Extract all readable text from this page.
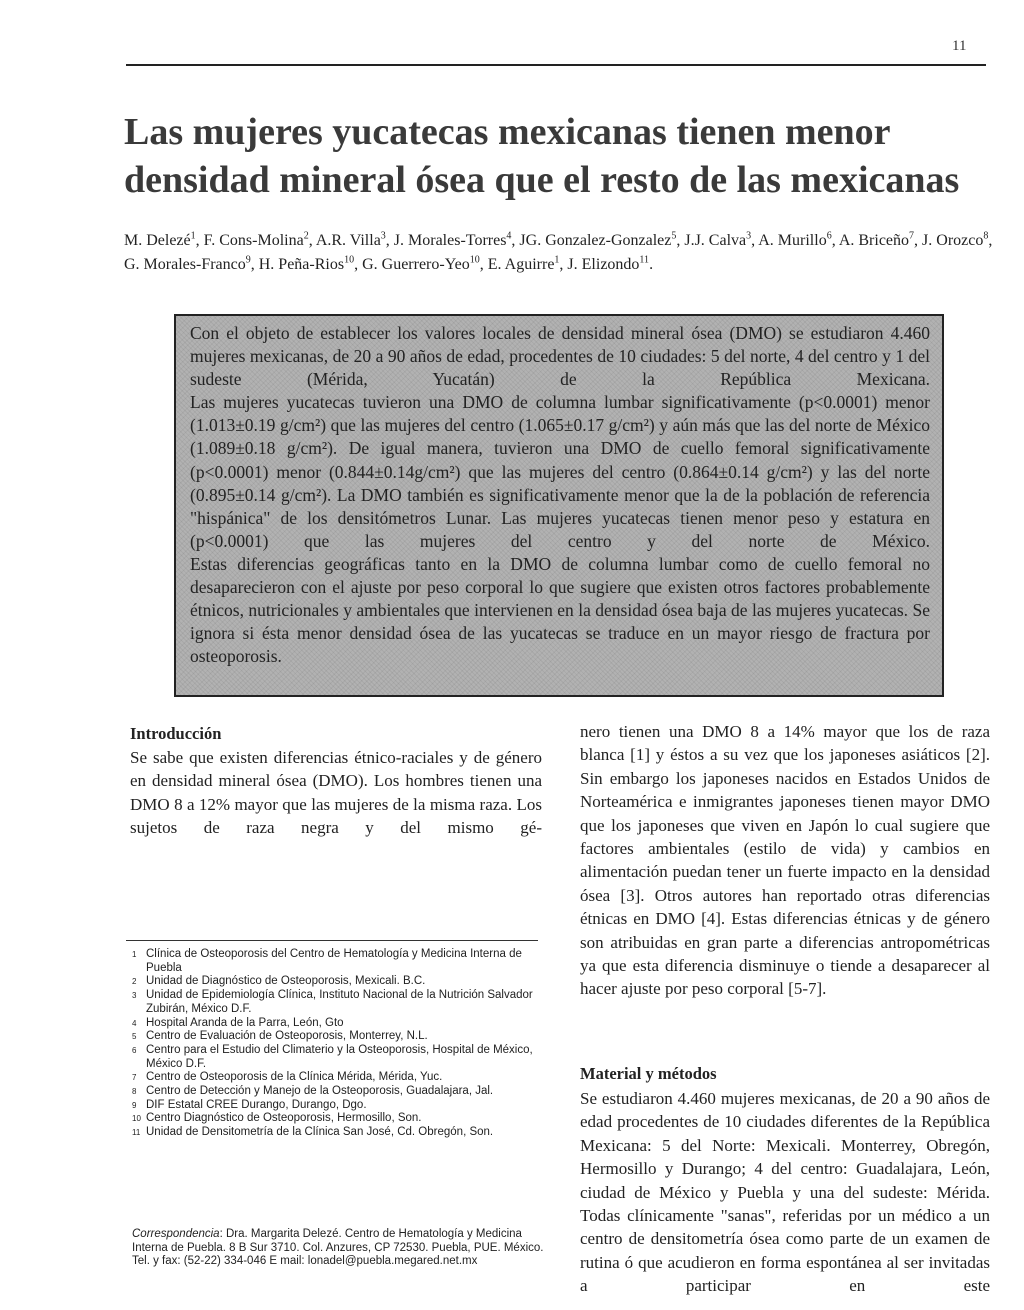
11
Las mujeres yucatecas mexicanas tienen menor densidad mineral ósea que el resto de las mexicanas

M. Delezé$^1$, F. Cons-Molina$^2$, A.R. Villa$^3$, J. Morales-Torres$^4$, JG. Gonzalez-Gonzalez$^5$, J.J. Calva$^3$, A. Murillo$^6$, A. Briceño$^7$, J. Orozco$^8$, G. Morales-Franco$^9$, H. Peña-Rios$^{10}$, G. Guerrero-Yeo$^{10}$, E. Aguirre$^1$, J. Elizondo$^{11}$.

Con el objeto de establecer los valores locales de densidad mineral ósea (DMO) se estudiaron 4.460 mujeres mexicanas, de 20 a 90 años de edad, procedentes de 10 ciudades: 5 del norte, 4 del centro y 1 del sudeste (Mérida, Yucatán) de la República Mexicana.

Las mujeres yucatecas tuvieron una DMO de columna lumbar significativamente (p<0.0001) menor (1.013±0.19 g/cm²) que las mujeres del centro (1.065±0.17 g/cm²) y aún más que las del norte de México (1.089±0.18 g/cm²). De igual manera, tuvieron una DMO de cuello femoral significativamente (p<0.0001) menor (0.844±0.14g/cm²) que las mujeres del centro (0.864±0.14 g/cm²) y las del norte (0.895±0.14 g/cm²). La DMO también es significativamente menor que la de la población de referencia "hispánica" de los densitómetros Lunar. Las mujeres yucatecas tienen menor peso y estatura en (p<0.0001) que las mujeres del centro y del norte de México.

Estas diferencias geográficas tanto en la DMO de columna lumbar como de cuello femoral no desaparecieron con el ajuste por peso corporal lo que sugiere que existen otros factores probablemente étnicos, nutricionales y ambientales que intervienen en la densidad ósea baja de las mujeres yucatecas. Se ignora si ésta menor densidad ósea de las yucatecas se traduce en un mayor riesgo de fractura por osteoporosis.

Introducción

Se sabe que existen diferencias étnico-raciales y de género en densidad mineral ósea (DMO). Los hombres tienen una DMO 8 a 12% mayor que las mujeres de la misma raza. Los sujetos de raza negra y del mismo gé-

nero tienen una DMO 8 a 14% mayor que los de raza blanca [1] y éstos a su vez que los japoneses asiáticos [2]. Sin embargo los japoneses nacidos en Estados Unidos de Norteamérica e inmigrantes japoneses tienen mayor DMO que los japoneses que viven en Japón lo cual sugiere que factores ambientales (estilo de vida) y cambios en alimentación puedan tener un fuerte impacto en la densidad ósea [3]. Otros autores han reportado otras diferencias étnicas en DMO [4]. Estas diferencias étnicas y de género son atribuidas en gran parte a diferencias antropométricas ya que esta diferencia disminuye o tiende a desaparecer al hacer ajuste por peso corporal [5-7].

Material y métodos

Se estudiaron 4.460 mujeres mexicanas, de 20 a 90 años de edad procedentes de 10 ciudades diferentes de la República Mexicana: 5 del Norte: Mexicali. Monterrey, Obregón, Hermosillo y Durango; 4 del centro: Guadalajara, León, ciudad de México y Puebla y una del sudeste: Mérida. Todas clínicamente "sanas", referidas por un médico a un centro de densitometría ósea como parte de un examen de rutina ó que acudieron en forma espontánea al ser invitadas a participar en este

1 Clínica de Osteoporosis del Centro de Hematología y Medicina Interna de Puebla
2 Unidad de Diagnóstico de Osteoporosis, Mexicali. B.C.
3 Unidad de Epidemiología Clínica, Instituto Nacional de la Nutrición Salvador Zubirán, México D.F.
4 Hospital Aranda de la Parra, León, Gto
5 Centro de Evaluación de Osteoporosis, Monterrey, N.L.
6 Centro para el Estudio del Climaterio y la Osteoporosis, Hospital de México, México D.F.
7 Centro de Osteoporosis de la Clínica Mérida, Mérida, Yuc.
8 Centro de Detección y Manejo de la Osteoporosis, Guadalajara, Jal.
9 DIF Estatal CREE Durango, Durango, Dgo.
10 Centro Diagnóstico de Osteoporosis, Hermosillo, Son.
11 Unidad de Densitometría de la Clínica San José, Cd. Obregón, Son.

Correspondencia: Dra. Margarita Delezé. Centro de Hematología y Medicina Interna de Puebla. 8 B Sur 3710. Col. Anzures, CP 72530. Puebla, PUE. México.
Tel. y fax: (52-22) 334-046 E mail: lonadel@puebla.megared.net.mx
